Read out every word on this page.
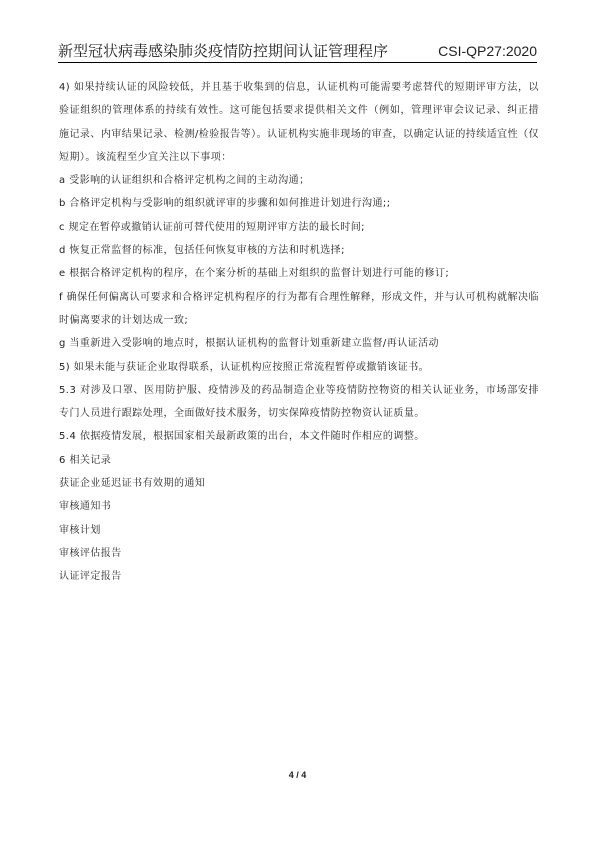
新型冠状病毒感染肺炎疫情防控期间认证管理程序	CSI-QP27:2020

4) 如果持续认证的风险较低，并且基于收集到的信息，认证机构可能需要考虑替代的短期评审方法，以验证组织的管理体系的持续有效性。这可能包括要求提供相关文件（例如，管理评审会议记录、纠正措施记录、内审结果记录、检测/检验报告等）。认证机构实施非现场的审查，以确定认证的持续适宜性（仅短期）。该流程至少宜关注以下事项：

a 受影响的认证组织和合格评定机构之间的主动沟通；

b 合格评定机构与受影响的组织就评审的步骤和如何推进计划进行沟通;;

c 规定在暂停或撤销认证前可替代使用的短期评审方法的最长时间;

d 恢复正常监督的标准，包括任何恢复审核的方法和时机选择;

e 根据合格评定机构的程序，在个案分析的基础上对组织的监督计划进行可能的修订;

f 确保任何偏离认可要求和合格评定机构程序的行为都有合理性解释，形成文件，并与认可机构就解决临时偏离要求的计划达成一致;

g 当重新进入受影响的地点时，根据认证机构的监督计划重新建立监督/再认证活动

5) 如果未能与获证企业取得联系，认证机构应按照正常流程暂停或撤销该证书。

5.3 对涉及口罩、医用防护服、疫情涉及的药品制造企业等疫情防控物资的相关认证业务，市场部安排专门人员进行跟踪处理，全面做好技术服务，切实保障疫情防控物资认证质量。

5.4 依据疫情发展，根据国家相关最新政策的出台，本文件随时作相应的调整。

6 相关记录

获证企业延迟证书有效期的通知

审核通知书

审核计划

审核评估报告

认证评定报告

4 / 4
